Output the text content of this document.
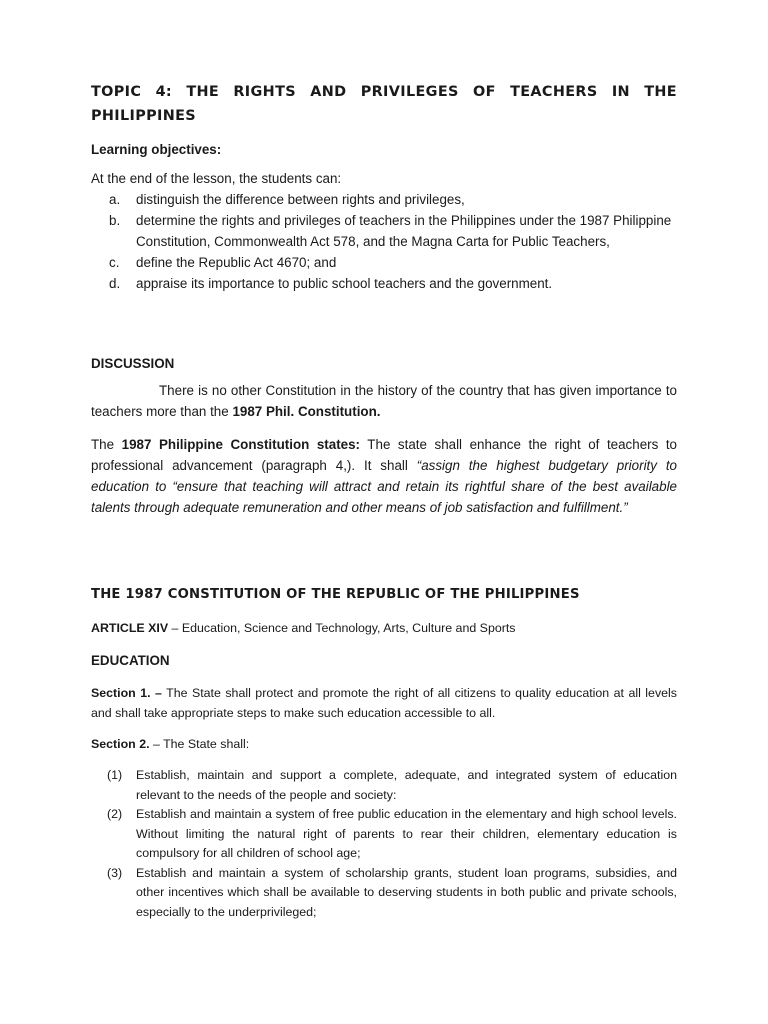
TOPIC 4: THE RIGHTS AND PRIVILEGES OF TEACHERS IN THE PHILIPPINES

Learning objectives:

At the end of the lesson, the students can:

a. distinguish the difference between rights and privileges,
b. determine the rights and privileges of teachers in the Philippines under the 1987 Philippine Constitution, Commonwealth Act 578, and the Magna Carta for Public Teachers,
c. define the Republic Act 4670; and
d. appraise its importance to public school teachers and the government.

DISCUSSION

There is no other Constitution in the history of the country that has given importance to teachers more than the 1987 Phil. Constitution.

The 1987 Philippine Constitution states: The state shall enhance the right of teachers to professional advancement (paragraph 4,). It shall “assign the highest budgetary priority to education to “ensure that teaching will attract and retain its rightful share of the best available talents through adequate remuneration and other means of job satisfaction and fulfillment.”

THE 1987 CONSTITUTION OF THE REPUBLIC OF THE PHILIPPINES

ARTICLE XIV – Education, Science and Technology, Arts, Culture and Sports

EDUCATION

Section 1. – The State shall protect and promote the right of all citizens to quality education at all levels and shall take appropriate steps to make such education accessible to all.

Section 2. – The State shall:

(1) Establish, maintain and support a complete, adequate, and integrated system of education relevant to the needs of the people and society:
(2) Establish and maintain a system of free public education in the elementary and high school levels. Without limiting the natural right of parents to rear their children, elementary education is compulsory for all children of school age;
(3) Establish and maintain a system of scholarship grants, student loan programs, subsidies, and other incentives which shall be available to deserving students in both public and private schools, especially to the underprivileged;
